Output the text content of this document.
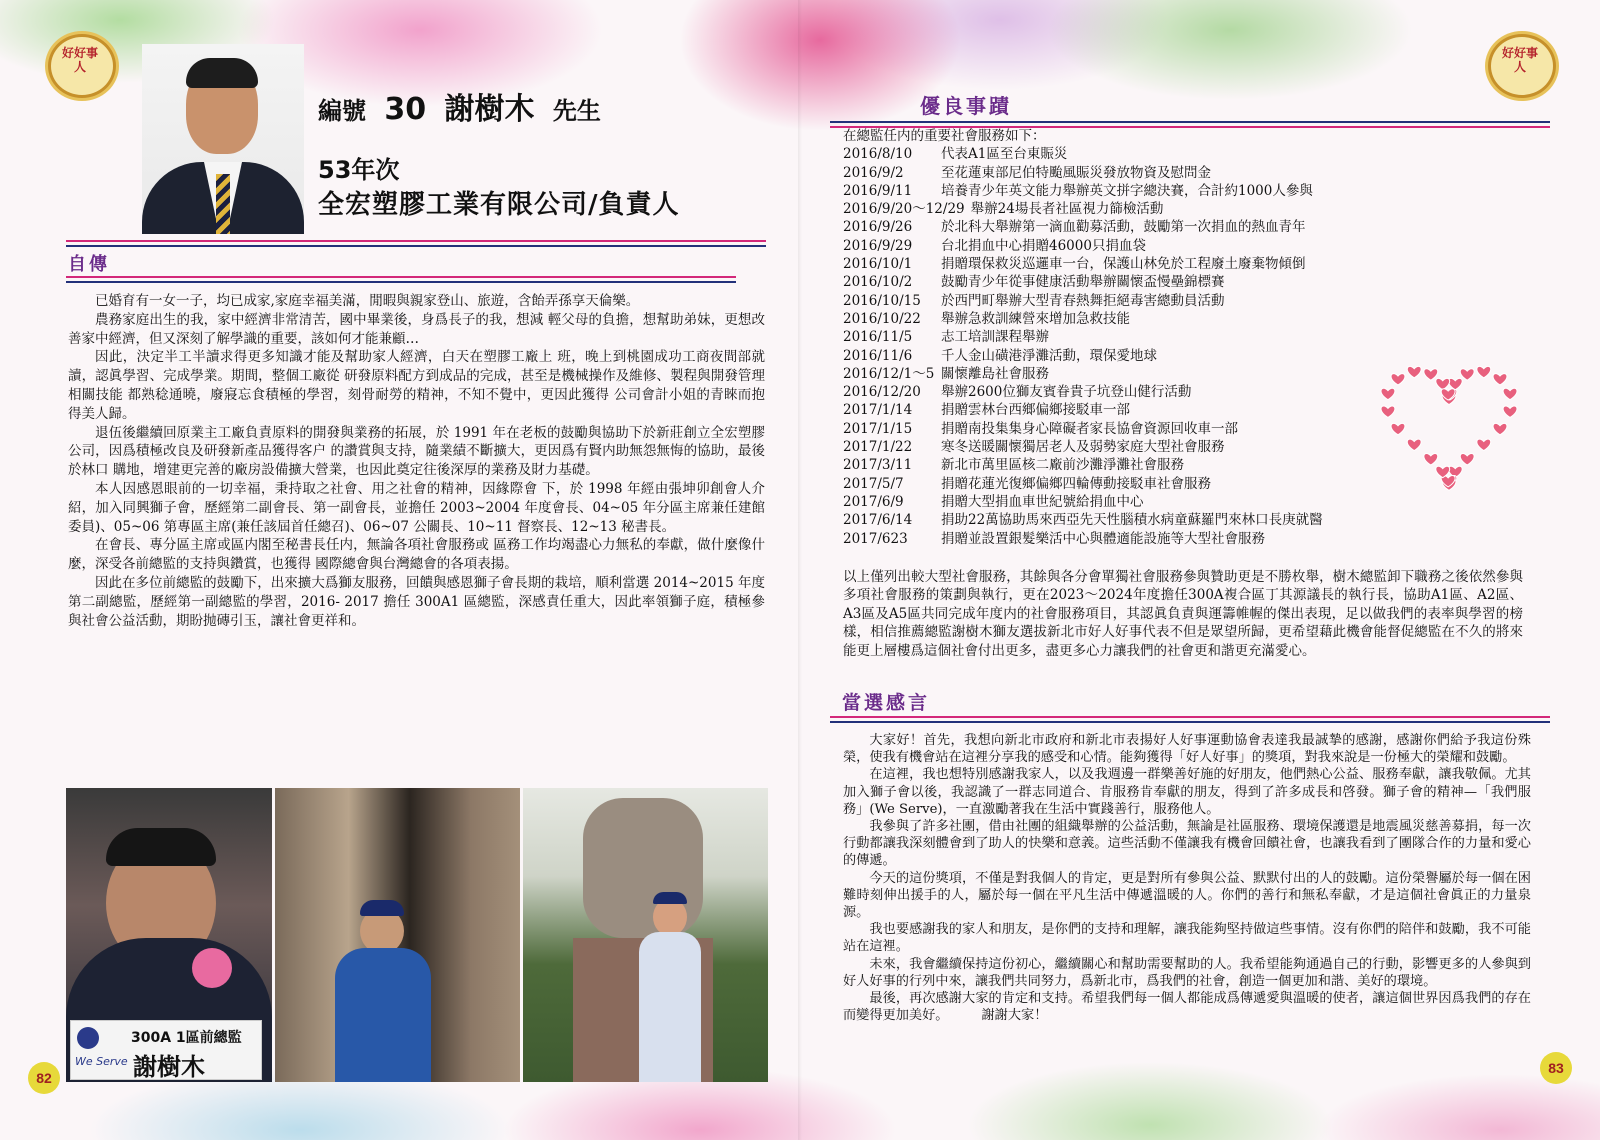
好好事人
編號 30 謝樹木 先生
53年次
全宏塑膠工業有限公司/負責人
自傳

已婚育有一女一子，均已成家,家庭幸福美滿，閒暇與親家登山、旅遊，含飴弄孫享天倫樂。

農務家庭出生的我，家中經濟非常清苦，國中畢業後，身爲長子的我，想減 輕父母的負擔，想幫助弟妹，更想改善家中經濟，但又深刻了解學識的重要，該如何才能兼顧…

因此，決定半工半讀求得更多知識才能及幫助家人經濟，白天在塑膠工廠上 班，晚上到桃園成功工商夜間部就讀，認眞學習、完成學業。期間，整個工廠從 研發原料配方到成品的完成，甚至是機械操作及維修、製程與開發管理相關技能 都熟稔通曉，廢寢忘食積極的學習，刻骨耐勞的精神，不知不覺中，更因此獲得 公司會計小姐的青睞而抱得美人歸。

退伍後繼續回原業主工廠負責原料的開發與業務的拓展，於 1991 年在老板的鼓勵與協助下於新莊創立全宏塑膠公司，因爲積極改良及研發新產品獲得客户 的讚賞與支持，隨業績不斷擴大，更因爲有賢内助無怨無悔的協助，最後於林口 購地，增建更完善的廠房設備擴大營業，也因此奠定往後深厚的業務及財力基礎。

本人因感恩眼前的一切幸福，秉持取之社會、用之社會的精神，因緣際會 下，於 1998 年經由張坤卯創會人介紹，加入同興獅子會，歷經第二副會長、第一副會長，並擔任 2003~2004 年度會長、04~05 年分區主席兼任建館委員)、05~06 第專區主席(兼任該屆首任總召)、06~07 公關長、10~11 督察長、12~13 秘書長。

在會長、專分區主席或區内閣至秘書長任内，無論各項社會服務或 區務工作均竭盡心力無私的奉獻，做什麼像什麼，深受各前總監的支持與鑽賞，也獲得 國際總會與台灣總會的各項表揚。

因此在多位前總監的鼓勵下，出來擴大爲獅友服務，回饋與感恩獅子會長期的栽培，順利當選 2014~2015 年度第二副總監，歷經第一副總監的學習，2016- 2017 擔任 300A1 區總監，深感責任重大，因此率領獅子庭，積極參與社會公益活動，期盼抛磚引玉，讓社會更祥和。

300A 1區前總監
We Serve 謝樹木
82
好好事人
優良事蹟
在總監任内的重要社會服務如下：
2016/8/10 代表A1區至台東賑災
2016/9/2	至花蓮東部尼伯特颱風賑災發放物資及慰問金
2016/9/11 培養青少年英文能力舉辦英文拼字總決賽，合計約1000人參與
2016/9/20～12/29 舉辦24場長者社區視力篩檢活動
2016/9/26 於北科大舉辦第一滴血勸募活動，鼓勵第一次捐血的熱血青年
2016/9/29 台北捐血中心捐贈46000只捐血袋
2016/10/1 捐贈環保救災巡邏車一台，保護山林免於工程廢土廢棄物傾倒
2016/10/2 鼓勵青少年從事健康活動舉辦關懷盃慢壘錦標賽
2016/10/15 於西門町舉辦大型青春熱舞拒絕毒害總動員活動
2016/10/22 舉辦急救訓練營來增加急救技能
2016/11/5 志工培訓課程舉辦
2016/11/6 千人金山磺港淨灘活動，環保愛地球
2016/12/1～5 關懷離島社會服務
2016/12/20 舉辦2600位獅友賓眷貴子坑登山健行活動
2017/1/14 捐贈雲林台西鄉偏鄉接駁車一部
2017/1/15 捐贈南投集集身心障礙者家長協會資源回收車一部
2017/1/22 寒冬送暖關懷獨居老人及弱勢家庭大型社會服務
2017/3/11 新北市萬里區核二廠前沙灘淨灘社會服務
2017/5/7	捐贈花蓮光復鄉偏鄉四輪傳動接駁車社會服務
2017/6/9	捐贈大型捐血車世紀號給捐血中心
2017/6/14 捐助22萬協助馬來西亞先天性腦積水病童蘇羅門來林口長庚就醫
2017/623 捐贈並設置銀髮樂活中心與體適能設施等大型社會服務

以上僅列出較大型社會服務，其餘與各分會單獨社會服務參與贊助更是不勝枚舉，樹木總監卸下職務之後依然參與多項社會服務的策劃與執行，更在2023～2024年度擔任300A複合區丁其源議長的執行長，協助A1區、A2區、A3區及A5區共同完成年度内的社會服務項目，其認眞負責與運籌帷幄的傑出表現，足以做我們的表率與學習的榜樣，相信推薦總監謝樹木獅友選拔新北市好人好事代表不但是眾望所歸，更希望藉此機會能督促總監在不久的將來能更上層樓爲這個社會付出更多，盡更多心力讓我們的社會更和諧更充滿愛心。

當選感言

大家好！首先，我想向新北市政府和新北市表揚好人好事運動協會表達我最誠摯的感謝，感謝你們給予我這份殊榮，使我有機會站在這裡分享我的感受和心情。能夠獲得「好人好事」的獎項，對我來說是一份極大的榮耀和鼓勵。

在這裡，我也想特別感謝我家人，以及我週邊一群樂善好施的好朋友，他們熱心公益、服務奉獻，讓我敬佩。尤其加入獅子會以後，我認識了一群志同道合、肯服務肯奉獻的朋友，得到了許多成長和啓發。獅子會的精神—「我們服務」(We Serve)，一直激勵著我在生活中實踐善行，服務他人。

我參與了許多社團，借由社團的組織舉辦的公益活動，無論是社區服務、環境保護還是地震風災慈善募捐，每一次行動都讓我深刻體會到了助人的快樂和意義。這些活動不僅讓我有機會回饋社會，也讓我看到了團隊合作的力量和愛心的傳遞。

今天的這份獎項，不僅是對我個人的肯定，更是對所有參與公益、默默付出的人的鼓勵。這份榮譽屬於每一個在困難時刻伸出援手的人，屬於每一個在平凡生活中傳遞溫暖的人。你們的善行和無私奉獻，才是這個社會眞正的力量泉源。

我也要感謝我的家人和朋友，是你們的支持和理解，讓我能夠堅持做這些事情。沒有你們的陪伴和鼓勵，我不可能站在這裡。

未來，我會繼續保持這份初心，繼續關心和幫助需要幫助的人。我希望能夠通過自己的行動，影響更多的人參與到好人好事的行列中來，讓我們共同努力，爲新北市，爲我們的社會，創造一個更加和諧、美好的環境。

最後，再次感謝大家的肯定和支持。希望我們每一個人都能成爲傳遞愛與溫暖的使者，讓這個世界因爲我們的存在而變得更加美好。　　　謝謝大家！

83
